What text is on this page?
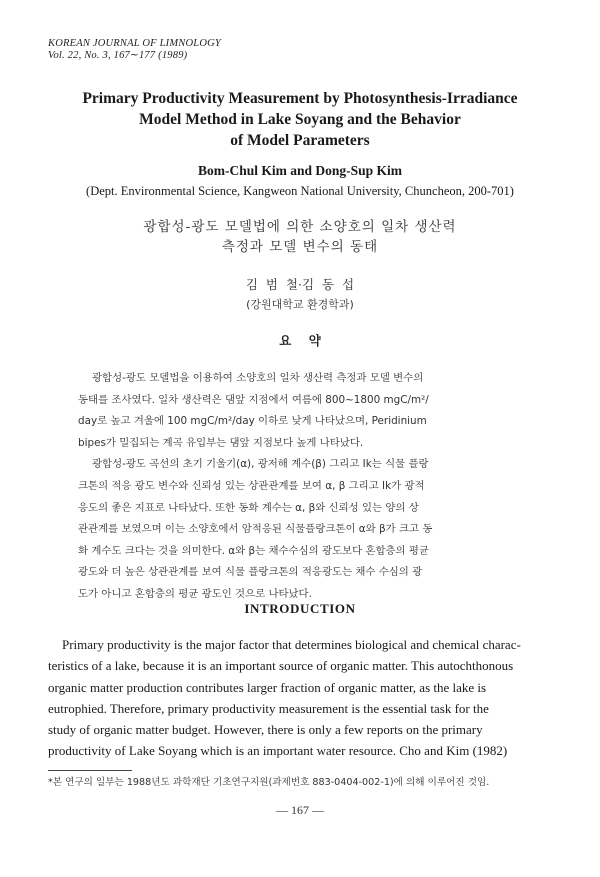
KOREAN JOURNAL OF LIMNOLOGY
Vol. 22, No. 3, 167∼177 (1989)
Primary Productivity Measurement by Photosynthesis-Irradiance
Model Method in Lake Soyang and the Behavior
of Model Parameters
Bom-Chul Kim and Dong-Sup Kim
(Dept. Environmental Science, Kangweon National University, Chuncheon, 200-701)
광합성-광도 모델법에 의한 소양호의 일차 생산력
측정과 모델 변수의 동태
김  범  철·김  동  섭
(강원대학교 환경학과)
요    약
광합성-광도 모델법을 이용하여 소양호의 일차 생산력 측정과 모델 변수의
동태를 조사였다. 일차 생산력은 댐앞 지점에서 여름에 800∼1800 mgC/m²/
day로 높고 겨울에 100 mgC/m²/day 이하로 낮게 나타났으며, Peridinium
bipes가 밀집되는 계곡 유입부는 댐앞 지점보다 높게 나타났다.
광합성-광도 곡선의 초기 기울기(α), 광저해 계수(β) 그리고 Ik는 식물 플랑
크톤의 적응 광도 변수와 신뢰성 있는 상관관계를 보여 α, β 그리고 Ik가 광적
응도의 좋은 지표로 나타났다. 또한 동화 계수는 α, β와 신뢰성 있는 양의 상
관관계를 보였으며 이는 소양호에서 암적응된 식물플랑크톤이 α와 β가 크고 동
화 계수도 크다는 것을 의미한다. α와 β는 채수수심의 광도보다 혼합층의 평균
광도와 더 높은 상관관계를 보여 식물 플랑크톤의 적응광도는 채수 수심의 광
도가 아니고 혼합층의 평균 광도인 것으로 나타났다.
INTRODUCTION
Primary productivity is the major factor that determines biological and chemical charac-
teristics of a lake, because it is an important source of organic matter. This autochthonous
organic matter production contributes larger fraction of organic matter, as the lake is
eutrophied. Therefore, primary productivity measurement is the essential task for the
study of organic matter budget. However, there is only a few reports on the primary
productivity of Lake Soyang which is an important water resource. Cho and Kim (1982)
*본 연구의 일부는 1988년도 과학재단 기초연구지원(과제번호 883-0404-002-1)에 의해 이루어진 것임.
— 167 —
